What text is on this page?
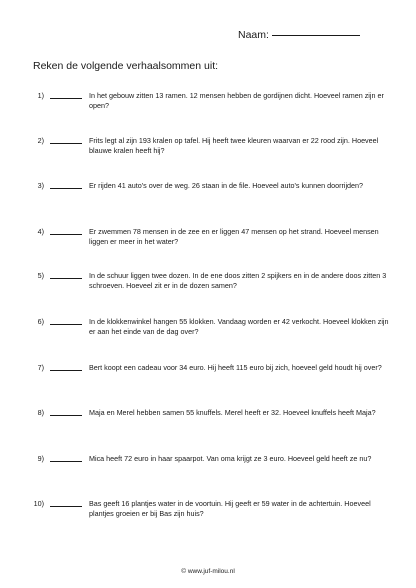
Naam:
Reken de volgende verhaalsommen uit:
1)	In het gebouw zitten 13 ramen. 12 mensen hebben de gordijnen dicht. Hoeveel ramen zijn er open?
2)	Frits legt al zijn 193 kralen op tafel. Hij heeft twee kleuren waarvan er 22 rood zijn. Hoeveel blauwe kralen heeft hij?
3)	Er rijden 41 auto's over de weg. 26 staan in de file. Hoeveel auto's kunnen doorrijden?
4)	Er zwemmen 78 mensen in de zee en er liggen 47 mensen op het strand. Hoeveel mensen liggen er meer in het water?
5)	In de schuur liggen twee dozen. In de ene doos zitten 2 spijkers en in de andere doos zitten 3 schroeven. Hoeveel zit er in de dozen samen?
6)	In de klokkenwinkel hangen 55 klokken. Vandaag worden er 42 verkocht. Hoeveel klokken zijn er aan het einde van de dag over?
7)	Bert koopt een cadeau voor 34 euro. Hij heeft 115 euro bij zich, hoeveel geld houdt hij over?
8)	Maja en Merel hebben samen 55 knuffels. Merel heeft er 32. Hoeveel knuffels heeft Maja?
9)	Mica heeft 72 euro in haar spaarpot. Van oma krijgt ze 3 euro. Hoeveel geld heeft ze nu?
10)	Bas geeft 16 plantjes water in de voortuin. Hij geeft er 59 water in de achtertuin. Hoeveel plantjes groeien er bij Bas zijn huis?
© www.juf-milou.nl
